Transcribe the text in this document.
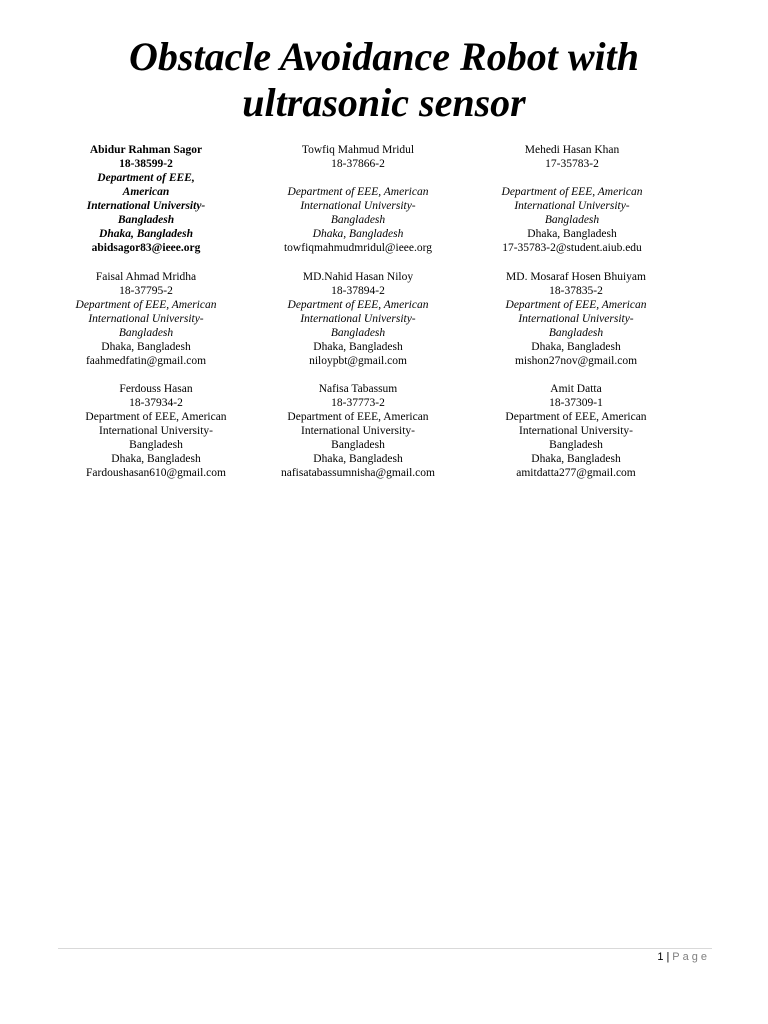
Obstacle Avoidance Robot with
ultrasonic sensor
Abidur Rahman Sagor
18-38599-2
Department of EEE,
American
International University-
Bangladesh
Dhaka, Bangladesh
abidsagor83@ieee.org
Towfiq Mahmud Mridul
18-37866-2
Department of EEE, American
International University-
Bangladesh
Dhaka, Bangladesh
towfiqmahmudmridul@ieee.org
Mehedi Hasan Khan
17-35783-2
Department of EEE, American
International University-
Bangladesh
Dhaka, Bangladesh
17-35783-2@student.aiub.edu
Faisal Ahmad Mridha
18-37795-2
Department of EEE, American
International University-
Bangladesh
Dhaka, Bangladesh
faahmedfatin@gmail.com
MD.Nahid Hasan Niloy
18-37894-2
Department of EEE, American
International University-
Bangladesh
Dhaka, Bangladesh
niloypbt@gmail.com
MD. Mosaraf Hosen Bhuiyam
18-37835-2
Department of EEE, American
International University-
Bangladesh
Dhaka, Bangladesh
mishon27nov@gmail.com
Ferdouss Hasan
18-37934-2
Department of EEE, American
International University-
Bangladesh
Dhaka, Bangladesh
Fardoushasan610@gmail.com
Nafisa Tabassum
18-37773-2
Department of EEE, American
International University-
Bangladesh
Dhaka, Bangladesh
nafisatabassumnisha@gmail.com
Amit Datta
18-37309-1
Department of EEE, American
International University-
Bangladesh
Dhaka, Bangladesh
amitdatta277@gmail.com
1 | Page
